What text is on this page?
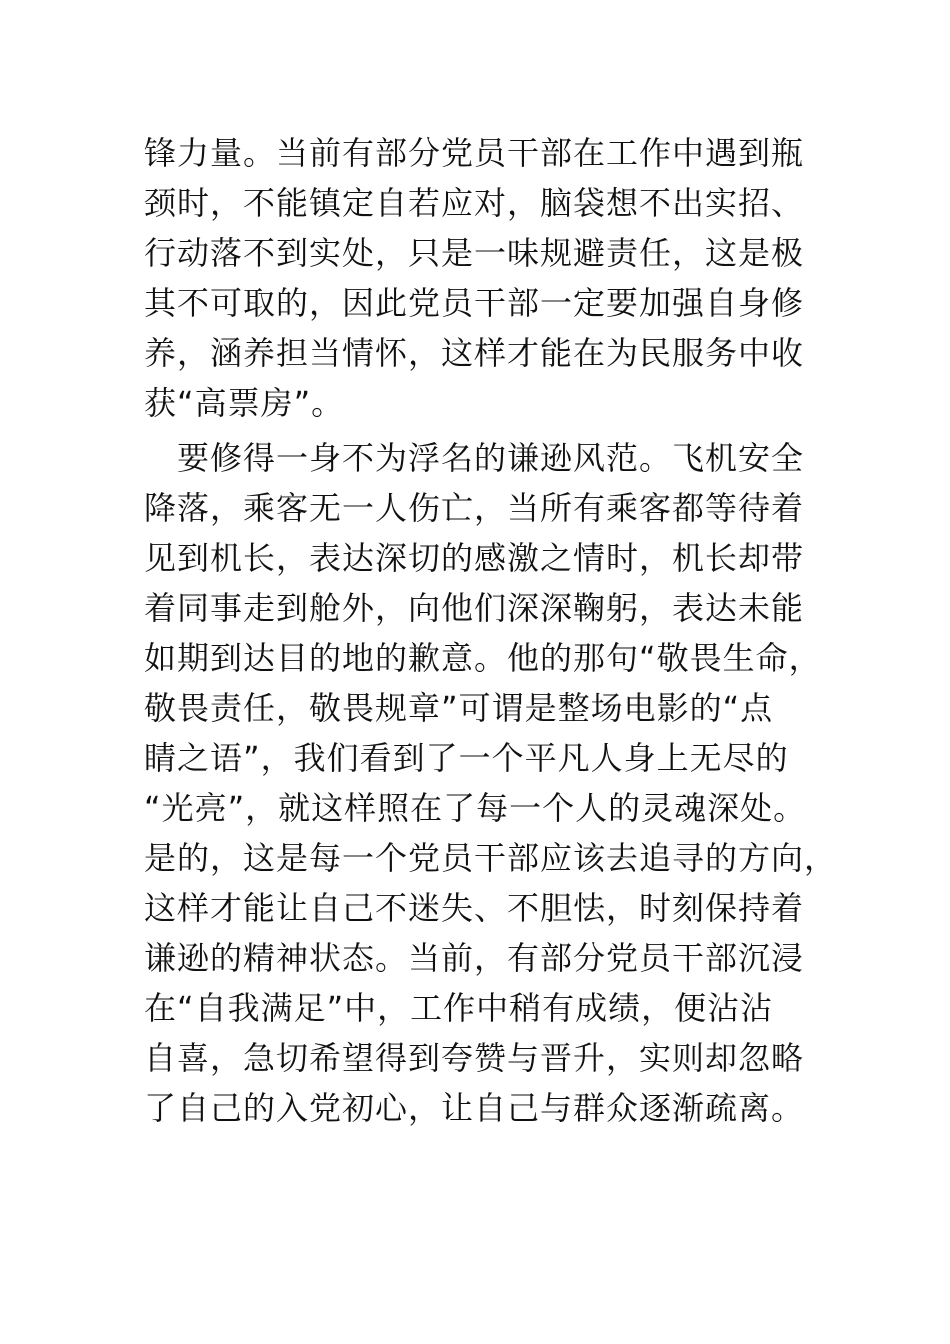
锋力量。当前有部分党员干部在工作中遇到瓶
颈时，不能镇定自若应对，脑袋想不出实招、
行动落不到实处，只是一味规避责任，这是极
其不可取的，因此党员干部一定要加强自身修
养，涵养担当情怀，这样才能在为民服务中收
获“高票房”。
　要修得一身不为浮名的谦逊风范。飞机安全
降落，乘客无一人伤亡，当所有乘客都等待着
见到机长，表达深切的感激之情时，机长却带
着同事走到舱外，向他们深深鞠躬，表达未能
如期到达目的地的歉意。他的那句“敬畏生命，
敬畏责任，敬畏规章”可谓是整场电影的“点
睛之语”，我们看到了一个平凡人身上无尽的
“光亮”，就这样照在了每一个人的灵魂深处。
是的，这是每一个党员干部应该去追寻的方向，
这样才能让自己不迷失、不胆怯，时刻保持着
谦逊的精神状态。当前，有部分党员干部沉浸
在“自我满足”中，工作中稍有成绩，便沾沾
自喜，急切希望得到夸赞与晋升，实则却忽略
了自己的入党初心，让自己与群众逐渐疏离。
